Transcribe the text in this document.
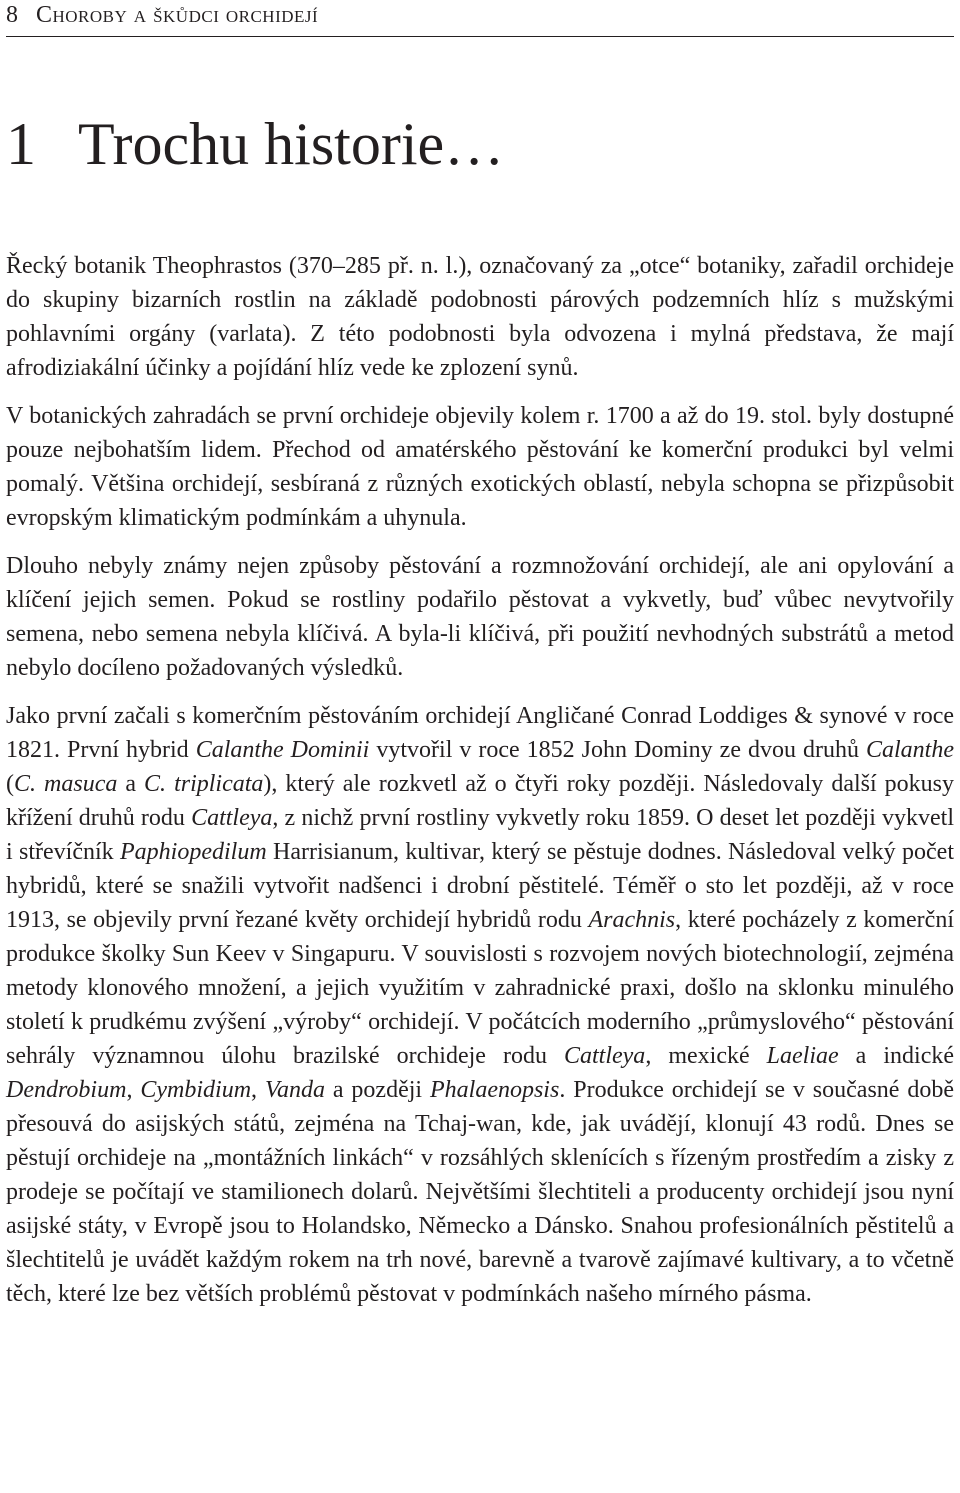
8 Choroby a škůdci orchidejí
1 Trochu historie…

Řecký botanik Theophrastos (370–285 př. n. l.), označovaný za „otce“ botaniky, zařadil orchideje do skupiny bizarních rostlin na základě podobnosti párových podzemních hlíz s mužskými pohlavními orgány (varlata). Z této podobnosti byla odvozena i mylná představa, že mají afrodiziakální účinky a pojídání hlíz vede ke zplození synů.

V botanických zahradách se první orchideje objevily kolem r. 1700 a až do 19. stol. byly dostupné pouze nejbohatším lidem. Přechod od amatérského pěstování ke komerční produkci byl velmi pomalý. Většina orchidejí, sesbíraná z různých exotických oblastí, nebyla schopna se přizpůsobit evropským klimatickým podmínkám a uhynula.

Dlouho nebyly známy nejen způsoby pěstování a rozmnožování orchidejí, ale ani opylování a klíčení jejich semen. Pokud se rostliny podařilo pěstovat a vykvetly, buď vůbec nevytvořily semena, nebo semena nebyla klíčivá. A byla-li klíčivá, při použití nevhodných substrátů a metod nebylo docíleno požadovaných výsledků.

Jako první začali s komerčním pěstováním orchidejí Angličané Conrad Loddiges & synové v roce 1821. První hybrid Calanthe Dominii vytvořil v roce 1852 John Dominy ze dvou druhů Calanthe (C. masuca a C. triplicata), který ale rozkvetl až o čtyři roky později. Následovaly další pokusy křížení druhů rodu Cattleya, z nichž první rostliny vykvetly roku 1859. O deset let později vykvetl i střevíčník Paphiopedilum Harrisianum, kultivar, který se pěstuje dodnes. Následoval velký počet hybridů, které se snažili vytvořit nadšenci i drobní pěstitelé. Téměř o sto let později, až v roce 1913, se objevily první řezané květy orchidejí hybridů rodu Arachnis, které pocházely z komerční produkce školky Sun Keev v Singapuru. V souvislosti s rozvojem nových biotechnologií, zejména metody klonového množení, a jejich využitím v zahradnické praxi, došlo na sklonku minulého století k prudkému zvýšení „výroby“ orchidejí. V počátcích moderního „průmyslového“ pěstování sehrály významnou úlohu brazilské orchideje rodu Cattleya, mexické Laeliae a indické Dendrobium, Cymbidium, Vanda a později Phalaenopsis. Produkce orchidejí se v současné době přesouvá do asijských států, zejména na Tchaj-wan, kde, jak uvádějí, klonují 43 rodů. Dnes se pěstují orchideje na „montážních linkách“ v rozsáhlých sklenících s řízeným prostředím a zisky z prodeje se počítají ve stamilionech dolarů. Největšími šlechtiteli a producenty orchidejí jsou nyní asijské státy, v Evropě jsou to Holandsko, Německo a Dánsko. Snahou profesionálních pěstitelů a šlechtitelů je uvádět každým rokem na trh nové, barevně a tvarově zajímavé kultivary, a to včetně těch, které lze bez větších problémů pěstovat v podmínkách našeho mírného pásma.
